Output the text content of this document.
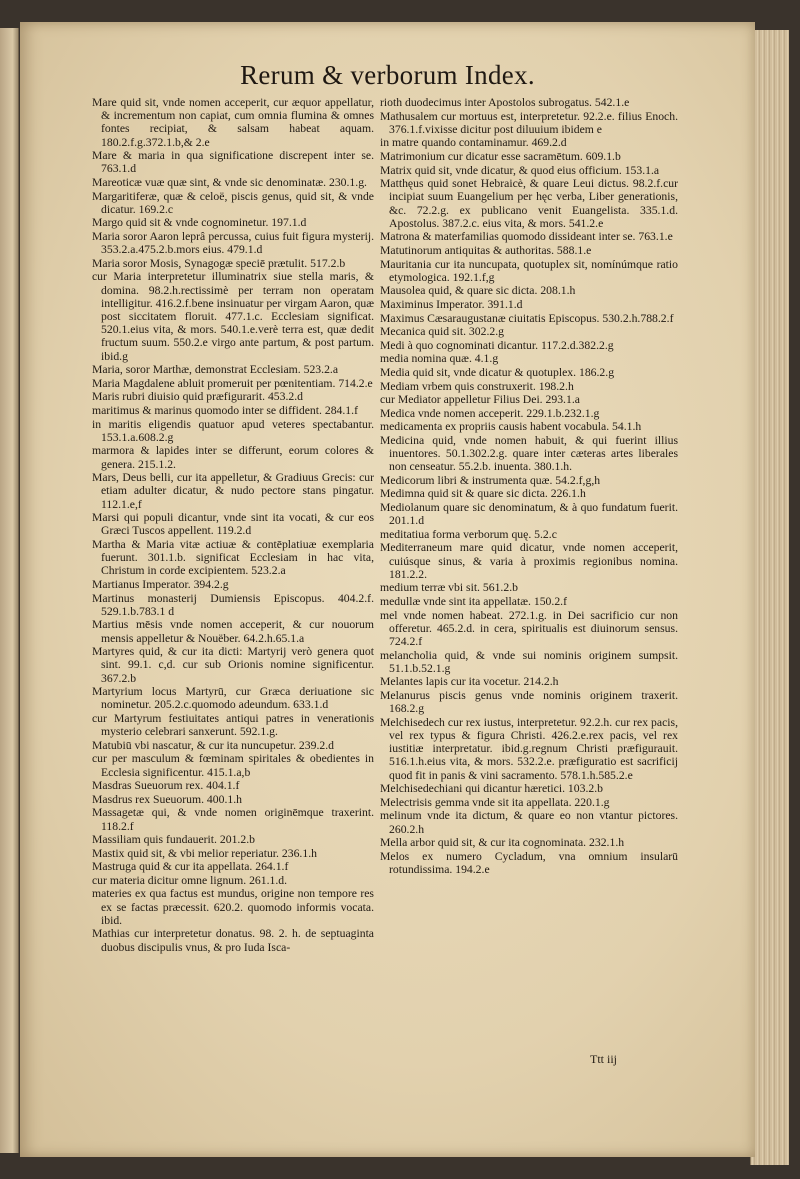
Rerum & verborum Index.
Mare quid sit, vnde nomen acceperit, cur æquor appellatur, & incrementum non capiat, cum omnia flumina & omnes fontes recipiat, & salsam habeat aquam. 180.2.f.g.372.1.b,& 2.e
Mare & maria in qua significatione discrepent inter se. 763.1.d
Mareoticæ vuæ quæ sint, & vnde sic denominatæ. 230.1.g.
Margaritiferæ, quæ & celoë, piscis genus, quid sit, & vnde dicatur. 169.2.c
Margo quid sit & vnde cognominetur. 197.1.d
Maria soror Aaron leprâ percussa, cuius fuit figura mysterij. 353.2.a.475.2.b.mors eius. 479.1.d
Maria soror Mosis, Synagogæ speciē prætulit. 517.2.b
cur Maria interpretetur illuminatrix siue stella maris, & domina. 98.2.h.rectissimè per terram non operatam intelligitur. 416.2.f.bene insinuatur per virgam Aaron, quæ post siccitatem floruit. 477.1.c. Ecclesiam significat. 520.1.eius vita, & mors. 540.1.e.verè terra est, quæ dedit fructum suum. 550.2.e virgo ante partum, & post partum. ibid.g
Maria, soror Marthæ, demonstrat Ecclesiam. 523.2.a
Maria Magdalene abluit promeruit per pœnitentiam. 714.2.e
Maris rubri diuisio quid præfigurarit. 453.2.d
maritimus & marinus quomodo inter se diffident. 284.1.f
in maritis eligendis quatuor apud veteres spectabantur. 153.1.a.608.2.g
marmora & lapides inter se differunt, eorum colores & genera. 215.1.2.
Mars, Deus belli, cur ita appelletur, & Gradiuus Grecis: cur etiam adulter dicatur, & nudo pectore stans pingatur. 112.1.e,f
Marsi qui populi dicantur, vnde sint ita vocati, & cur eos Græci Tuscos appellent. 119.2.d
Martha & Maria vitæ actiuæ & contēplatiuæ exemplaria fuerunt. 301.1.b. significat Ecclesiam in hac vita, Christum in corde excipientem. 523.2.a
Martianus Imperator. 394.2.g
Martinus monasterij Dumiensis Episcopus. 404.2.f. 529.1.b.783.1 d
Martius mēsis vnde nomen acceperit, & cur nouorum mensis appelletur & Nouëber. 64.2.h.65.1.a
Martyres quid, & cur ita dicti: Martyrij verò genera quot sint. 99.1. c,d. cur sub Orionis nomine significentur. 367.2.b
Martyrium locus Martyrū, cur Græca deriuatione sic nominetur. 205.2.c.quomodo adeundum. 633.1.d
cur Martyrum festiuitates antiqui patres in venerationis mysterio celebrari sanxerunt. 592.1.g.
Matubiū vbi nascatur, & cur ita nuncupetur. 239.2.d
cur per masculum & fœminam spiritales & obedientes in Ecclesia significentur. 415.1.a,b
Masdras Sueuorum rex. 404.1.f
Masdrus rex Sueuorum. 400.1.h
Massagetæ qui, & vnde nomen originēmque traxerint. 118.2.f
Massiliam quis fundauerit. 201.2.b
Mastix quid sit, & vbi melior reperiatur. 236.1.h
Mastruga quid & cur ita appellata. 264.1.f
cur materia dicitur omne lignum. 261.1.d.
materies ex qua factus est mundus, origine non tempore res ex se factas præcessit. 620.2. quomodo informis vocata. ibid.
Mathias cur interpretetur donatus. 98. 2. h. de septuaginta duobus discipulis vnus, & pro Iuda Isca-
rioth duodecimus inter Apostolos subrogatus. 542.1.e
Mathusalem cur mortuus est, interpretetur. 92.2.e. filius Enoch. 376.1.f.vixisse dicitur post diluuium ibidem e
in matre quando contaminamur. 469.2.d
Matrimonium cur dicatur esse sacramētum. 609.1.b
Matrix quid sit, vnde dicatur, & quod eius officium. 153.1.a
Matthęus quid sonet Hebraicè, & quare Leui dictus. 98.2.f.cur incipiat suum Euangelium per hęc verba, Liber generationis, &c. 72.2.g. ex publicano venit Euangelista. 335.1.d. Apostolus. 387.2.c. eius vita, & mors. 541.2.e
Matrona & materfamilias quomodo dissideant inter se. 763.1.e
Matutinorum antiquitas & authoritas. 588.1.e
Mauritania cur ita nuncupata, quotuplex sit, nomínúmque ratio etymologica. 192.1.f,g
Mausolea quid, & quare sic dicta. 208.1.h
Maximinus Imperator. 391.1.d
Maximus Cæsaraugustanæ ciuitatis Episcopus. 530.2.h.788.2.f
Mecanica quid sit. 302.2.g
Medi à quo cognominati dicantur. 117.2.d.382.2.g
media nomina quæ. 4.1.g
Media quid sit, vnde dicatur & quotuplex. 186.2.g
Mediam vrbem quis construxerit. 198.2.h
cur Mediator appelletur Filius Dei. 293.1.a
Medica vnde nomen acceperit. 229.1.b.232.1.g
medicamenta ex propriis causis habent vocabula. 54.1.h
Medicina quid, vnde nomen habuit, & qui fuerint illius inuentores. 50.1.302.2.g. quare inter cæteras artes liberales non censeatur. 55.2.b. inuenta. 380.1.h.
Medicorum libri & instrumenta quæ. 54.2.f,g,h
Medimna quid sit & quare sic dicta. 226.1.h
Mediolanum quare sic denominatum, & à quo fundatum fuerit. 201.1.d
meditatiua forma verborum quę. 5.2.c
Mediterraneum mare quid dicatur, vnde nomen acceperit, cuiúsque sinus, & varia à proximis regionibus nomina. 181.2.2.
medium terræ vbi sit. 561.2.b
medullæ vnde sint ita appellatæ. 150.2.f
mel vnde nomen habeat. 272.1.g. in Dei sacrificio cur non offeretur. 465.2.d. in cera, spiritualis est diuinorum sensus. 724.2.f
melancholia quid, & vnde sui nominis originem sumpsit. 51.1.b.52.1.g
Melantes lapis cur ita vocetur. 214.2.h
Melanurus piscis genus vnde nominis originem traxerit. 168.2.g
Melchisedech cur rex iustus, interpretetur. 92.2.h. cur rex pacis, vel rex typus & figura Christi. 426.2.e.rex pacis, vel rex iustitiæ interpretatur. ibid.g.regnum Christi præfigurauit. 516.1.h.eius vita, & mors. 532.2.e. præfiguratio est sacrificij quod fit in panis & vini sacramento. 578.1.h.585.2.e
Melchisedechiani qui dicantur hæretici. 103.2.b
Melectrisis gemma vnde sit ita appellata. 220.1.g
melinum vnde ita dictum, & quare eo non vtantur pictores. 260.2.h
Mella arbor quid sit, & cur ita cognominata. 232.1.h
Melos ex numero Cycladum, vna omnium insularū rotundissima. 194.2.e
Ttt iij
